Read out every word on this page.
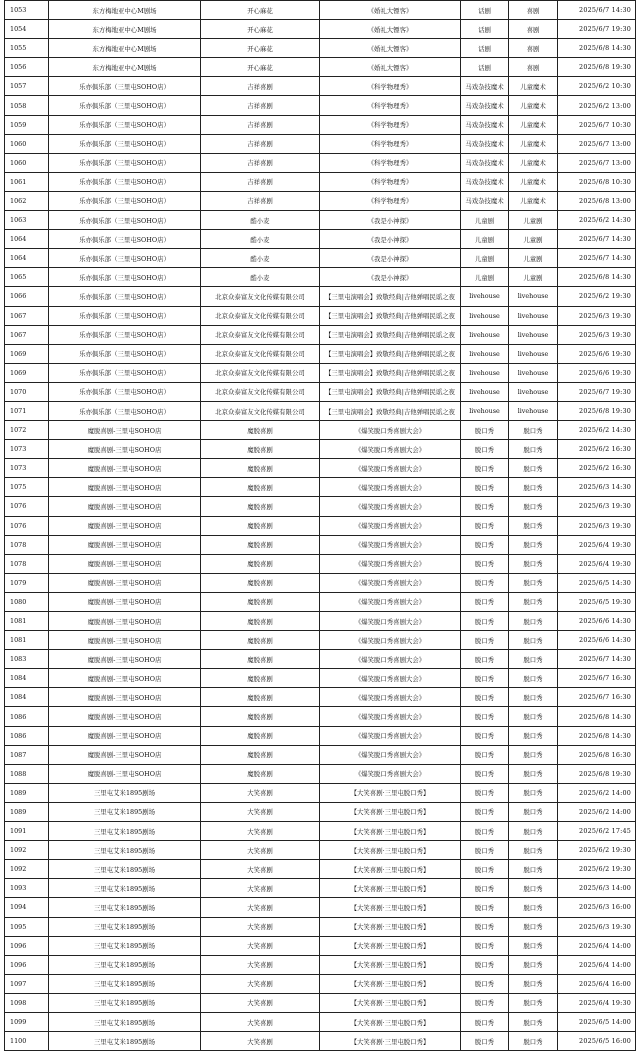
1053	东方梅地亚中心M剧场	开心麻花	《婚礼大镖客》	话剧	喜剧	2025/6/7 14:30
1054	东方梅地亚中心M剧场	开心麻花	《婚礼大镖客》	话剧	喜剧	2025/6/7 19:30
1055	东方梅地亚中心M剧场	开心麻花	《婚礼大镖客》	话剧	喜剧	2025/6/8 14:30
1056	东方梅地亚中心M剧场	开心麻花	《婚礼大镖客》	话剧	喜剧	2025/6/8 19:30
1057	乐亦俱乐部（三里屯SOHO店）	吉祥喜剧	《科学物理秀》	马戏杂技魔术	儿童魔术	2025/6/2 10:30
1058	乐亦俱乐部（三里屯SOHO店）	吉祥喜剧	《科学物理秀》	马戏杂技魔术	儿童魔术	2025/6/2 13:00
1059	乐亦俱乐部（三里屯SOHO店）	吉祥喜剧	《科学物理秀》	马戏杂技魔术	儿童魔术	2025/6/7 10:30
1060	乐亦俱乐部（三里屯SOHO店）	吉祥喜剧	《科学物理秀》	马戏杂技魔术	儿童魔术	2025/6/7 13:00
1060	乐亦俱乐部（三里屯SOHO店）	吉祥喜剧	《科学物理秀》	马戏杂技魔术	儿童魔术	2025/6/7 13:00
1061	乐亦俱乐部（三里屯SOHO店）	吉祥喜剧	《科学物理秀》	马戏杂技魔术	儿童魔术	2025/6/8 10:30
1062	乐亦俱乐部（三里屯SOHO店）	吉祥喜剧	《科学物理秀》	马戏杂技魔术	儿童魔术	2025/6/8 13:00
1063	乐亦俱乐部（三里屯SOHO店）	酷小麦	《我是小神探》	儿童剧	儿童剧	2025/6/2 14:30
1064	乐亦俱乐部（三里屯SOHO店）	酷小麦	《我是小神探》	儿童剧	儿童剧	2025/6/7 14:30
1064	乐亦俱乐部（三里屯SOHO店）	酷小麦	《我是小神探》	儿童剧	儿童剧	2025/6/7 14:30
1065	乐亦俱乐部（三里屯SOHO店）	酷小麦	《我是小神探》	儿童剧	儿童剧	2025/6/8 14:30
1066	乐亦俱乐部（三里屯SOHO店）	北京众泰富友文化传媒有限公司	【三里屯演唱会】致敬经典|吉他弹唱民谣之夜	livehouse	livehouse	2025/6/2 19:30
1067	乐亦俱乐部（三里屯SOHO店）	北京众泰富友文化传媒有限公司	【三里屯演唱会】致敬经典|吉他弹唱民谣之夜	livehouse	livehouse	2025/6/3 19:30
1067	乐亦俱乐部（三里屯SOHO店）	北京众泰富友文化传媒有限公司	【三里屯演唱会】致敬经典|吉他弹唱民谣之夜	livehouse	livehouse	2025/6/3 19:30
1069	乐亦俱乐部（三里屯SOHO店）	北京众泰富友文化传媒有限公司	【三里屯演唱会】致敬经典|吉他弹唱民谣之夜	livehouse	livehouse	2025/6/6 19:30
1069	乐亦俱乐部（三里屯SOHO店）	北京众泰富友文化传媒有限公司	【三里屯演唱会】致敬经典|吉他弹唱民谣之夜	livehouse	livehouse	2025/6/6 19:30
1070	乐亦俱乐部（三里屯SOHO店）	北京众泰富友文化传媒有限公司	【三里屯演唱会】致敬经典|吉他弹唱民谣之夜	livehouse	livehouse	2025/6/7 19:30
1071	乐亦俱乐部（三里屯SOHO店）	北京众泰富友文化传媒有限公司	【三里屯演唱会】致敬经典|吉他弹唱民谣之夜	livehouse	livehouse	2025/6/8 19:30
1072	魔脱喜剧-三里屯SOHO店	魔脱喜剧	《爆笑脱口秀喜剧大会》	脱口秀	脱口秀	2025/6/2 14:30
1073	魔脱喜剧-三里屯SOHO店	魔脱喜剧	《爆笑脱口秀喜剧大会》	脱口秀	脱口秀	2025/6/2 16:30
1073	魔脱喜剧-三里屯SOHO店	魔脱喜剧	《爆笑脱口秀喜剧大会》	脱口秀	脱口秀	2025/6/2 16:30
1075	魔脱喜剧-三里屯SOHO店	魔脱喜剧	《爆笑脱口秀喜剧大会》	脱口秀	脱口秀	2025/6/3 14:30
1076	魔脱喜剧-三里屯SOHO店	魔脱喜剧	《爆笑脱口秀喜剧大会》	脱口秀	脱口秀	2025/6/3 19:30
1076	魔脱喜剧-三里屯SOHO店	魔脱喜剧	《爆笑脱口秀喜剧大会》	脱口秀	脱口秀	2025/6/3 19:30
1078	魔脱喜剧-三里屯SOHO店	魔脱喜剧	《爆笑脱口秀喜剧大会》	脱口秀	脱口秀	2025/6/4 19:30
1078	魔脱喜剧-三里屯SOHO店	魔脱喜剧	《爆笑脱口秀喜剧大会》	脱口秀	脱口秀	2025/6/4 19:30
1079	魔脱喜剧-三里屯SOHO店	魔脱喜剧	《爆笑脱口秀喜剧大会》	脱口秀	脱口秀	2025/6/5 14:30
1080	魔脱喜剧-三里屯SOHO店	魔脱喜剧	《爆笑脱口秀喜剧大会》	脱口秀	脱口秀	2025/6/5 19:30
1081	魔脱喜剧-三里屯SOHO店	魔脱喜剧	《爆笑脱口秀喜剧大会》	脱口秀	脱口秀	2025/6/6 14:30
1081	魔脱喜剧-三里屯SOHO店	魔脱喜剧	《爆笑脱口秀喜剧大会》	脱口秀	脱口秀	2025/6/6 14:30
1083	魔脱喜剧-三里屯SOHO店	魔脱喜剧	《爆笑脱口秀喜剧大会》	脱口秀	脱口秀	2025/6/7 14:30
1084	魔脱喜剧-三里屯SOHO店	魔脱喜剧	《爆笑脱口秀喜剧大会》	脱口秀	脱口秀	2025/6/7 16:30
1084	魔脱喜剧-三里屯SOHO店	魔脱喜剧	《爆笑脱口秀喜剧大会》	脱口秀	脱口秀	2025/6/7 16:30
1086	魔脱喜剧-三里屯SOHO店	魔脱喜剧	《爆笑脱口秀喜剧大会》	脱口秀	脱口秀	2025/6/8 14:30
1086	魔脱喜剧-三里屯SOHO店	魔脱喜剧	《爆笑脱口秀喜剧大会》	脱口秀	脱口秀	2025/6/8 14:30
1087	魔脱喜剧-三里屯SOHO店	魔脱喜剧	《爆笑脱口秀喜剧大会》	脱口秀	脱口秀	2025/6/8 16:30
1088	魔脱喜剧-三里屯SOHO店	魔脱喜剧	《爆笑脱口秀喜剧大会》	脱口秀	脱口秀	2025/6/8 19:30
1089	三里屯艾米1895剧场	大笑喜剧	【大笑喜剧·三里屯脱口秀】	脱口秀	脱口秀	2025/6/2 14:00
1089	三里屯艾米1895剧场	大笑喜剧	【大笑喜剧·三里屯脱口秀】	脱口秀	脱口秀	2025/6/2 14:00
1091	三里屯艾米1895剧场	大笑喜剧	【大笑喜剧·三里屯脱口秀】	脱口秀	脱口秀	2025/6/2 17:45
1092	三里屯艾米1895剧场	大笑喜剧	【大笑喜剧·三里屯脱口秀】	脱口秀	脱口秀	2025/6/2 19:30
1092	三里屯艾米1895剧场	大笑喜剧	【大笑喜剧·三里屯脱口秀】	脱口秀	脱口秀	2025/6/2 19:30
1093	三里屯艾米1895剧场	大笑喜剧	【大笑喜剧·三里屯脱口秀】	脱口秀	脱口秀	2025/6/3 14:00
1094	三里屯艾米1895剧场	大笑喜剧	【大笑喜剧·三里屯脱口秀】	脱口秀	脱口秀	2025/6/3 16:00
1095	三里屯艾米1895剧场	大笑喜剧	【大笑喜剧·三里屯脱口秀】	脱口秀	脱口秀	2025/6/3 19:30
1096	三里屯艾米1895剧场	大笑喜剧	【大笑喜剧·三里屯脱口秀】	脱口秀	脱口秀	2025/6/4 14:00
1096	三里屯艾米1895剧场	大笑喜剧	【大笑喜剧·三里屯脱口秀】	脱口秀	脱口秀	2025/6/4 14:00
1097	三里屯艾米1895剧场	大笑喜剧	【大笑喜剧·三里屯脱口秀】	脱口秀	脱口秀	2025/6/4 16:00
1098	三里屯艾米1895剧场	大笑喜剧	【大笑喜剧·三里屯脱口秀】	脱口秀	脱口秀	2025/6/4 19:30
1099	三里屯艾米1895剧场	大笑喜剧	【大笑喜剧·三里屯脱口秀】	脱口秀	脱口秀	2025/6/5 14:00
1100	三里屯艾米1895剧场	大笑喜剧	【大笑喜剧·三里屯脱口秀】	脱口秀	脱口秀	2025/6/5 16:00
